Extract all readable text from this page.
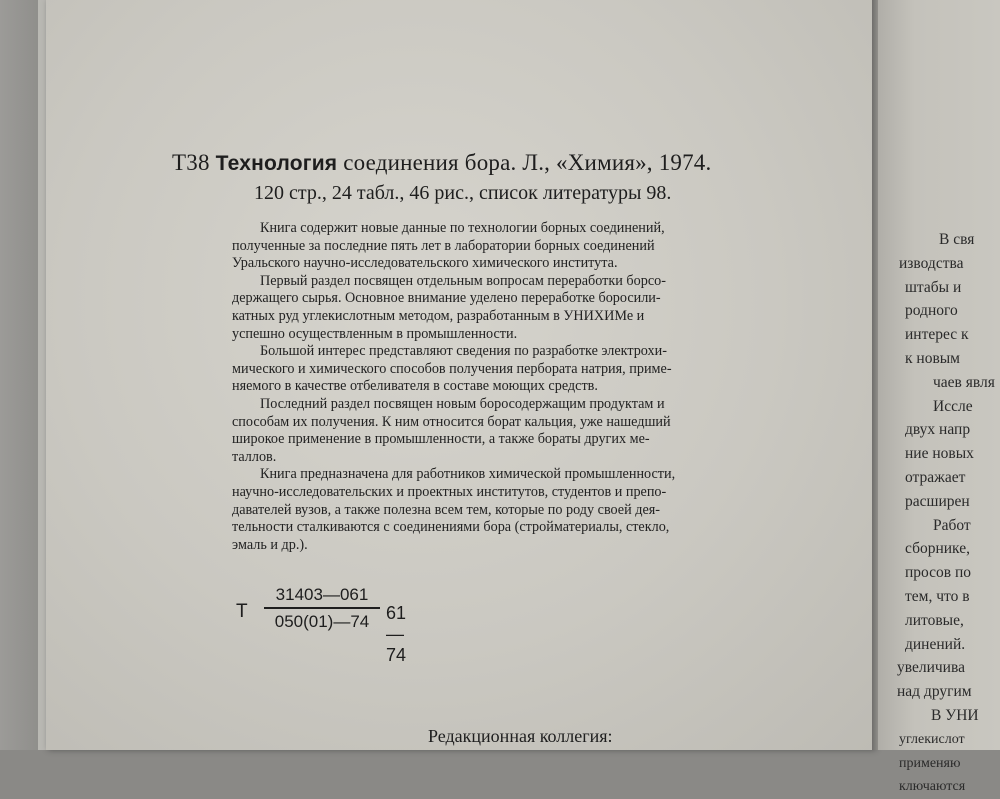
Т38 Технология соединения бора. Л., «Химия», 1974.
120 стр., 24 табл., 46 рис., список литературы 98.

Книга содержит новые данные по технологии борных соединений,
полученные за последние пять лет в лаборатории борных соединений
Уральского научно-исследовательского химического института.

Первый раздел посвящен отдельным вопросам переработки борсо-
держащего сырья. Основное внимание уделено переработке боросили-
катных руд углекислотным методом, разработанным в УНИХИМе и
успешно осуществленным в промышленности.

Большой интерес представляют сведения по разработке электрохи-
мического и химического способов получения пербората натрия, приме-
няемого в качестве отбеливателя в составе моющих средств.

Последний раздел посвящен новым боросодержащим продуктам и
способам их получения. К ним относится борат кальция, уже нашедший
широкое применение в промышленности, а также бораты других ме-
таллов.

Книга предназначена для работников химической промышленности,
научно-исследовательских и проектных институтов, студентов и препо-
давателей вузов, а также полезна всем тем, которые по роду своей дея-
тельности сталкиваются с соединениями бора (стройматериалы, стекло,
эмаль и др.).

Т $\frac{31403—061}{050(01)—74}$ 61—74
Редакционная коллегия:
В свя
изводства
штабы и
родного
интерес к
к новым
чаев явля
Иссле
двух напр
ние новых
отражает
расширен
Работ
сборнике,
просов по
тем, что в
литовые,
динений.
увеличива
над другим
В УНИ
углекислот
применяю
ключаются
